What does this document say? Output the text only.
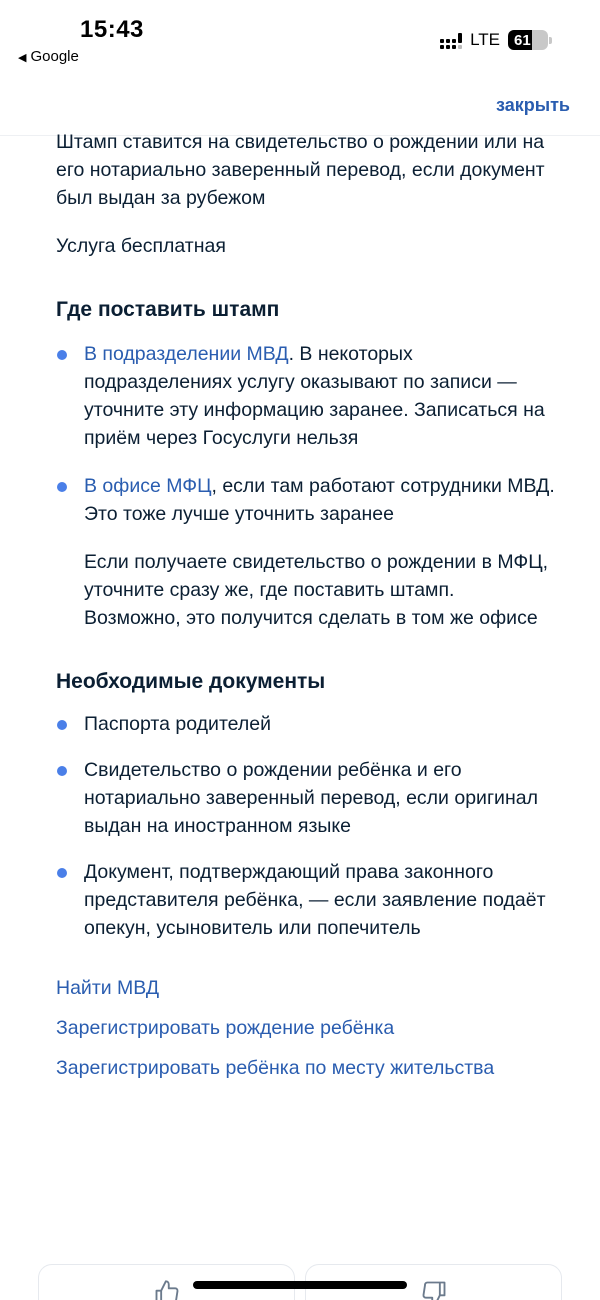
15:43
◀ Google
LTE 61
закрыть

Штамп ставится на свидетельство о рождении или на его нотариально заверенный перевод, если документ был выдан за рубежом

Услуга бесплатная

Где поставить штамп
В подразделении МВД. В некоторых подразделениях услугу оказывают по записи — уточните эту информацию заранее. Записаться на приём через Госуслуги нельзя
В офисе МФЦ, если там работают сотрудники МВД. Это тоже лучше уточнить заранее

Если получаете свидетельство о рождении в МФЦ, уточните сразу же, где поставить штамп. Возможно, это получится сделать в том же офисе

Необходимые документы
Паспорта родителей
Свидетельство о рождении ребёнка и его нотариально заверенный перевод, если оригинал выдан на иностранном языке
Документ, подтверждающий права законного представителя ребёнка, — если заявление подаёт опекун, усыновитель или попечитель
Найти МВД
Зарегистрировать рождение ребёнка
Зарегистрировать ребёнка по месту жительства
